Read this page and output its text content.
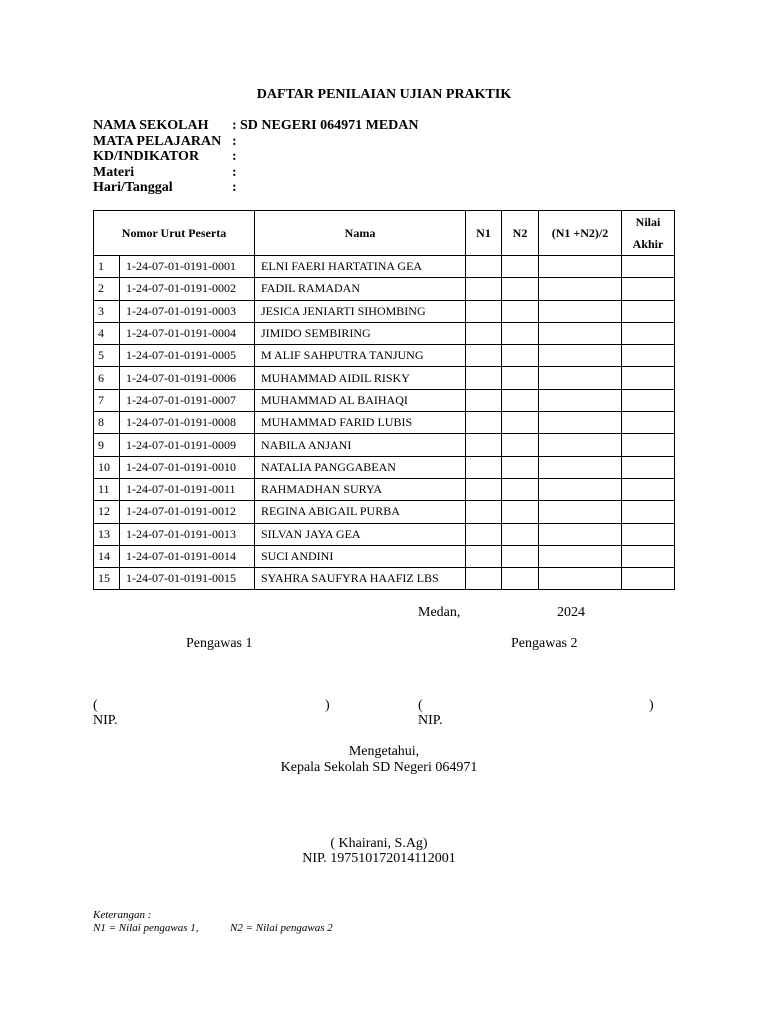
DAFTAR PENILAIAN UJIAN PRAKTIK
NAMA SEKOLAH	: SD NEGERI 064971 MEDAN
MATA PELAJARAN :
KD/INDIKATOR	:
Materi	:
Hari/Tanggal	:
Nomor Urut Peserta		Nama	N1	N2	(N1 +N2)/2	Nilai
Akhir
1	1-24-07-01-0191-0001	ELNI FAERI HARTATINA GEA				
2	1-24-07-01-0191-0002	FADIL RAMADAN				
3	1-24-07-01-0191-0003	JESICA JENIARTI SIHOMBING				
4	1-24-07-01-0191-0004	JIMIDO SEMBIRING				
5	1-24-07-01-0191-0005	M ALIF SAHPUTRA TANJUNG				
6	1-24-07-01-0191-0006	MUHAMMAD AIDIL RISKY				
7	1-24-07-01-0191-0007	MUHAMMAD AL BAIHAQI				
8	1-24-07-01-0191-0008	MUHAMMAD FARID LUBIS				
9	1-24-07-01-0191-0009	NABILA ANJANI				
10	1-24-07-01-0191-0010	NATALIA PANGGABEAN				
11	1-24-07-01-0191-0011	RAHMADHAN SURYA				
12	1-24-07-01-0191-0012	REGINA ABIGAIL PURBA				
13	1-24-07-01-0191-0013	SILVAN JAYA GEA				
14	1-24-07-01-0191-0014	SUCI ANDINI				
15	1-24-07-01-0191-0015	SYAHRA SAUFYRA HAAFIZ LBS				
Medan,	2024
Pengawas 1	Pengawas 2
(	)	(	)
NIP.	NIP.
Mengetahui,
Kepala Sekolah SD Negeri 064971
( Khairani, S.Ag)
NIP. 197510172014112001
Keterangan :
N1 = Nilai pengawas 1,	N2 = Nilai pengawas 2
